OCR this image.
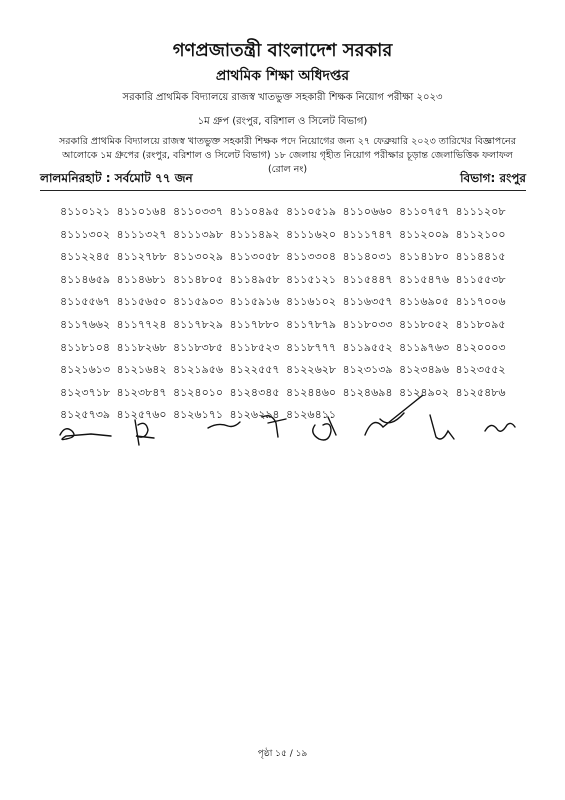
গণপ্রজাতন্ত্রী বাংলাদেশ সরকার
প্রাথমিক শিক্ষা অধিদপ্তর
সরকারি প্রাথমিক বিদ্যালয়ে রাজস্ব খাতভুক্ত সহকারী শিক্ষক নিয়োগ পরীক্ষা ২০২৩
১ম গ্রুপ (রংপুর, বরিশাল ও সিলেট বিভাগ)
সরকারি প্রাথমিক বিদ্যালয়ে রাজস্ব খাতভুক্ত সহকারী শিক্ষক পদে নিয়োগের জন্য ২৭ ফেব্রুয়ারি ২০২৩ তারিখের বিজ্ঞাপনের
আলোকে ১ম গ্রুপের (রংপুর, বরিশাল ও সিলেট বিভাগ) ১৮ জেলায় গৃহীত নিয়োগ পরীক্ষার চূড়ান্ত জেলাভিত্তিক ফলাফল (রোল নং)
লালমনিরহাট : সর্বমোট ৭৭ জন	বিভাগ: রংপুর
৪১১০১২১ ৪১১০১৬৪ ৪১১০৩৩৭ ৪১১০৪৯৫ ৪১১০৫১৯ ৪১১০৬৬০ ৪১১০৭৫৭ ৪১১১২০৮
৪১১১৩০২ ৪১১১৩২৭ ৪১১১৩৯৮ ৪১১১৪৯২ ৪১১১৬২০ ৪১১১৭৪৭ ৪১১২০০৯ ৪১১২১০০
৪১১২২৪৫ ৪১১২৭৮৮ ৪১১৩০২৯ ৪১১৩০৫৮ ৪১১৩৩০৪ ৪১১৪০৩১ ৪১১৪১৮০ ৪১১৪৪১৫
৪১১৪৬৫৯ ৪১১৪৬৮১ ৪১১৪৮০৫ ৪১১৪৯৫৮ ৪১১৫১২১ ৪১১৫৪৪৭ ৪১১৫৪৭৬ ৪১১৫৫৩৮
৪১১৫৫৬৭ ৪১১৫৬৫০ ৪১১৫৯০৩ ৪১১৫৯১৬ ৪১১৬১০২ ৪১১৬৩৫৭ ৪১১৬৯০৫ ৪১১৭০০৬
৪১১৭৬৬২ ৪১১৭৭২৪ ৪১১৭৮২৯ ৪১১৭৮৮০ ৪১১৭৮৭৯ ৪১১৮০৩৩ ৪১১৮০৫২ ৪১১৮০৯৫
৪১১৮১০৪ ৪১১৮২৬৮ ৪১১৮৩৮৫ ৪১১৮৫২৩ ৪১১৮৭৭৭ ৪১১৯৫৫২ ৪১১৯৭৬৩ ৪১২০০০৩
৪১২১৬১৩ ৪১২১৬৪২ ৪১২১৯৫৬ ৪১২২৫৫৭ ৪১২২৬২৮ ৪১২৩১৩৯ ৪১২৩৪৯৬ ৪১২৩৫৫২
৪১২৩৭১৮ ৪১২৩৮৪৭ ৪১২৪০১০ ৪১২৪৩৪৫ ৪১২৪৪৬০ ৪১২৪৬৯৪ ৪১২৪৯০২ ৪১২৫৪৮৬
৪১২৫৭৩৯ ৪১২৫৭৬০ ৪১২৬১৭১ ৪১২৬২৯৪ ৪১২৬৪১১
পৃষ্ঠা ১৫ / ১৯
